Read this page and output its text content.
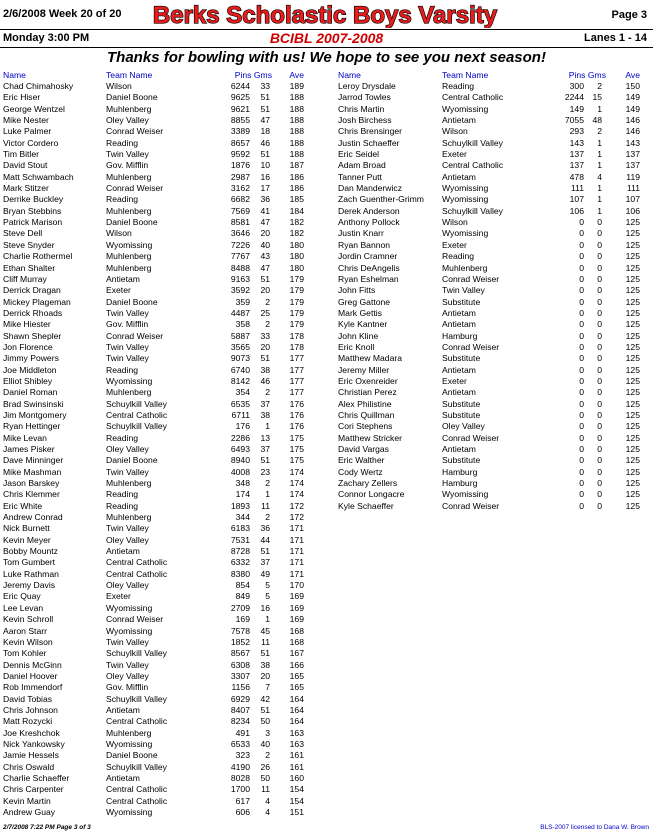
2/6/2008 Week 20 of 20 Berks Scholastic Boys Varsity	Page 3
Monday 3:00 PM	BCIBL 2007-2008	Lanes 1 - 14
Thanks for bowling with us! We hope to see you next season!
Name	Team Name	Pins Gms Ave
Chad Chimahosky	Wilson	6244 33 189
Eric Hiser	Daniel Boone	9625 51 188
George Wentzel	Muhlenberg	9621 51 188
Mike Nester	Oley Valley	8855 47 188
Luke Palmer	Conrad Weiser	3389 18 188
Victor Cordero	Reading	8657 46 188
Tim Bitler	Twin Valley	9592 51 188
David Stout	Gov. Mifflin	1876 10 187
Matt Schwambach	Muhlenberg	2987 16 186
Mark Stitzer	Conrad Weiser	3162 17 186
Derrike Buckley	Reading	6682 36 185
Bryan Stebbins	Muhlenberg	7569 41 184
Patrick Marison	Daniel Boone	8581 47 182
Steve Dell	Wilson	3646 20 182
Steve Snyder	Wyomissing	7226 40 180
Charlie Rothermel	Muhlenberg	7767 43 180
Ethan Shalter	Muhlenberg	8488 47 180
Cliff Murray	Antietam	9163 51 179
Derrick Dragan	Exeter	3592 20 179
Mickey Plageman	Daniel Boone	359 2 179
Derrick Rhoads	Twin Valley	4487 25 179
Mike Hiester	Gov. Mifflin	358 2 179
Shawn Shepler	Conrad Weiser	5887 33 178
Jon Florence	Twin Valley	3565 20 178
Jimmy Powers	Twin Valley	9073 51 177
Joe Middleton	Reading	6740 38 177
Elliot Shibley	Wyomissing	8142 46 177
Daniel Roman	Muhlenberg	354 2 177
Brad Swinsinski	Schuylkill Valley	6535 37 176
Jim Montgomery	Central Catholic	6711 38 176
Ryan Hettinger	Schuylkill Valley	176 1 176
Mike Levan	Reading	2286 13 175
James Pisker	Oley Valley	6493 37 175
Dave Minninger	Daniel Boone	8940 51 175
Mike Mashman	Twin Valley	4008 23 174
Jason Barskey	Muhlenberg	348 2 174
Chris Klemmer	Reading	174 1 174
Eric White	Reading	1893 11 172
Andrew Conrad	Muhlenberg	344 2 172
Nick Burnett	Twin Valley	6183 36 171
Kevin Meyer	Oley Valley	7531 44 171
Bobby Mountz	Antietam	8728 51 171
Tom Gumbert	Central Catholic	6332 37 171
Luke Rathman	Central Catholic	8380 49 171
Jeremy Davis	Oley Valley	854 5 170
Eric Quay	Exeter	849 5 169
Lee Levan	Wyomissing	2709 16 169
Kevin Schroll	Conrad Weiser	169 1 169
Aaron Starr	Wyomissing	7578 45 168
Kevin Wilson	Twin Valley	1852 11 168
Tom Kohler	Schuylkill Valley	8567 51 167
Dennis McGinn	Twin Valley	6308 38 166
Daniel Hoover	Oley Valley	3307 20 165
Rob Immendorf	Gov. Mifflin	1156 7 165
David Tobias	Schuylkill Valley	6929 42 164
Chris Johnson	Antietam	8407 51 164
Matt Rozycki	Central Catholic	8234 50 164
Joe Kreshchok	Muhlenberg	491 3 163
Nick Yankowsky	Wyomissing	6533 40 163
Jamie Hessels	Daniel Boone	323 2 161
Chris Oswald	Schuylkill Valley	4190 26 161
Charlie Schaeffer	Antietam	8028 50 160
Chris Carpenter	Central Catholic	1700 11 154
Kevin Martin	Central Catholic	617 4 154
Andrew Guay	Wyomissing	606 4 151
Name	Team Name	Pins Gms Ave
Leroy Drysdale	Reading	300 2	150
Jarrod Towles	Central Catholic	2244 15	149
Chris Martin	Wyomissing	149 1	149
Josh Birchess	Antietam	7055 48	146
Chris Brensinger	Wilson	293 2	146
Justin Schaeffer	Schuylkill Valley	143 1	143
Eric Seidel	Exeter	137 1	137
Adam Broad	Central Catholic	137 1	137
Tanner Putt	Antietam	478 4	119
Dan Manderwicz	Wyomissing	111 1	111
Zach Guenther-Grimm Wyomissing	107 1	107
Derek Anderson	Schuylkill Valley	106 1	106
Anthony Pollock	Wilson	0 0	125
Justin Knarr	Wyomissing	0 0	125
Ryan Bannon	Exeter	0 0	125
Jordin Cramner	Reading	0 0	125
Chris DeAngelis	Muhlenberg	0 0	125
Ryan Eshelman	Conrad Weiser	0 0	125
John Fitts	Twin Valley	0 0	125
Greg Gattone	Substitute	0 0	125
Mark Gettis	Antietam	0 0	125
Kyle Kantner	Antietam	0 0	125
John Kline	Hamburg	0 0	125
Eric Knoll	Conrad Weiser	0 0	125
Matthew Madara	Substitute	0 0	125
Jeremy Miller	Antietam	0 0	125
Eric Oxenreider	Exeter	0 0	125
Christian Perez	Antietam	0 0	125
Alex Philistine	Substitute	0 0	125
Chris Quillman	Substitute	0 0	125
Cori Stephens	Oley Valley	0 0	125
Matthew Stricker	Conrad Weiser	0 0	125
David Vargas	Antietam	0 0	125
Eric Walther	Substitute	0 0	125
Cody Wertz	Hamburg	0 0	125
Zachary Zellers	Hamburg	0 0	125
Connor Longacre	Wyomissing	0 0	125
Kyle Schaeffer	Conrad Weiser	0 0	125
2/7/2008 7:22 PM Page 3 of 3	BLS-2007 licensed to Dana W. Brown
